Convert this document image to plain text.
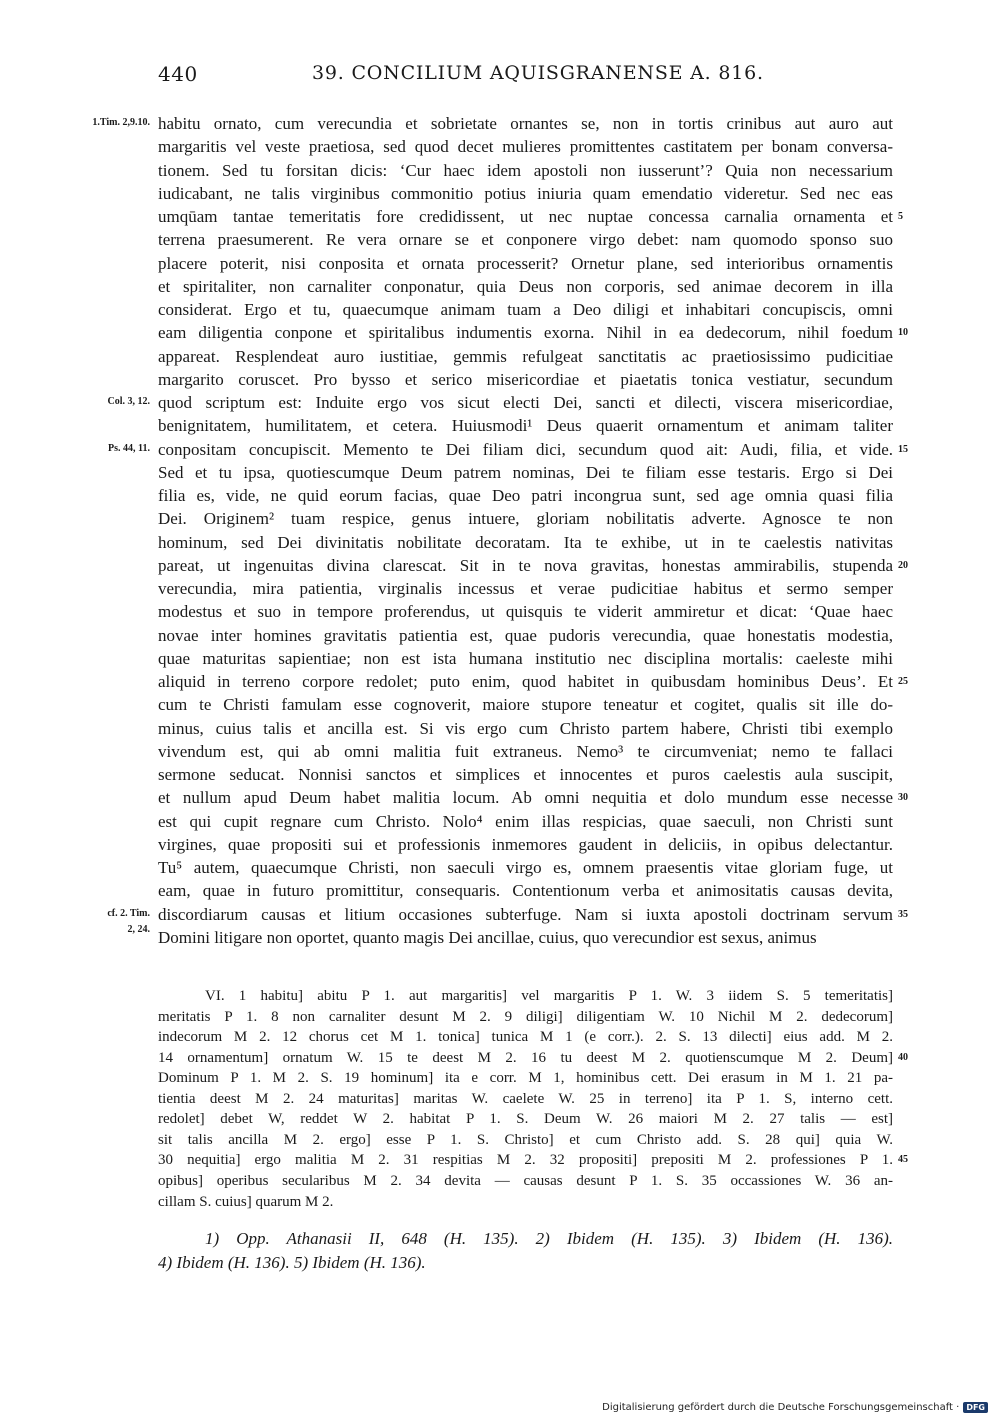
440	39. CONCILIUM AQUISGRANENSE A. 816.
habitu ornato, cum verecundia et sobrietate ornantes se, non in tortis crinibus aut auro aut
margaritis vel veste praetiosa, sed quod decet mulieres promittentes castitatem per bonam conversa-
tionem. Sed tu forsitan dicis: ‘Cur haec idem apostoli non iusserunt’? Quia non necessarium
iudicabant, ne talis virginibus commonitio potius iniuria quam emendatio videretur. Sed nec eas
umqūam tantae temeritatis fore credidissent, ut nec nuptae concessa carnalia ornamenta et
terrena praesumerent. Re vera ornare se et conponere virgo debet: nam quomodo sponso suo
placere poterit, nisi conposita et ornata processerit? Ornetur plane, sed interioribus ornamentis
et spiritaliter, non carnaliter conponatur, quia Deus non corporis, sed animae decorem in illa
considerat. Ergo et tu, quaecumque animam tuam a Deo diligi et inhabitari concupiscis, omni
eam diligentia conpone et spiritalibus indumentis exorna. Nihil in ea dedecorum, nihil foedum
appareat. Resplendeat auro iustitiae, gemmis refulgeat sanctitatis ac praetiosissimo pudicitiae
margarito coruscet. Pro bysso et serico misericordiae et piaetatis tonica vestiatur, secundum
quod scriptum est: Induite ergo vos sicut electi Dei, sancti et dilecti, viscera misericordiae,
benignitatem, humilitatem, et cetera. Huiusmodi¹ Deus quaerit ornamentum et animam taliter
conpositam concupiscit. Memento te Dei filiam dici, secundum quod ait: Audi, filia, et vide.
Sed et tu ipsa, quotiescumque Deum patrem nominas, Dei te filiam esse testaris. Ergo si Dei
filia es, vide, ne quid eorum facias, quae Deo patri incongrua sunt, sed age omnia quasi filia
Dei. Originem² tuam respice, genus intuere, gloriam nobilitatis adverte. Agnosce te non
hominum, sed Dei divinitatis nobilitate decoratam. Ita te exhibe, ut in te caelestis nativitas
pareat, ut ingenuitas divina clarescat. Sit in te nova gravitas, honestas ammirabilis, stupenda
verecundia, mira patientia, virginalis incessus et verae pudicitiae habitus et sermo semper
modestus et suo in tempore proferendus, ut quisquis te viderit ammiretur et dicat: ‘Quae haec
novae inter homines gravitatis patientia est, quae pudoris verecundia, quae honestatis modestia,
quae maturitas sapientiae; non est ista humana institutio nec disciplina mortalis: caeleste mihi
aliquid in terreno corpore redolet; puto enim, quod habitet in quibusdam hominibus Deus’. Et
cum te Christi famulam esse cognoverit, maiore stupore teneatur et cogitet, qualis sit ille do-
minus, cuius talis et ancilla est. Si vis ergo cum Christo partem habere, Christi tibi exemplo
vivendum est, qui ab omni malitia fuit extraneus. Nemo³ te circumveniat; nemo te fallaci
sermone seducat. Nonnisi sanctos et simplices et innocentes et puros caelestis aula suscipit,
et nullum apud Deum habet malitia locum. Ab omni nequitia et dolo mundum esse necesse
est qui cupit regnare cum Christo. Nolo⁴ enim illas respicias, quae saeculi, non Christi sunt
virgines, quae propositi sui et professionis inmemores gaudent in deliciis, in opibus delectantur.
Tu⁵ autem, quaecumque Christi, non saeculi virgo es, omnem praesentis vitae gloriam fuge, ut
eam, quae in futuro promittitur, consequaris. Contentionum verba et animositatis causas devita,
discordiarum causas et litium occasiones subterfuge. Nam si iuxta apostoli doctrinam servum
Domini litigare non oportet, quanto magis Dei ancillae, cuius, quo verecundior est sexus, animus
1.Tim. 2,9.10.
Col. 3, 12.
Ps. 44, 11.
cf. 2. Tim.
2, 24.
5
10
15
20
25
30
35
40
45
VI. 1 habitu] abitu P 1. aut margaritis] vel margaritis P 1. W. 3 iidem S. 5 temeritatis]
meritatis P 1. 8 non carnaliter desunt M 2. 9 diligi] diligentiam W. 10 Nichil M 2. dedecorum]
indecorum M 2. 12 chorus cet M 1. tonica] tunica M 1 (e corr.). 2. S. 13 dilecti] eius add. M 2.
14 ornamentum] ornatum W. 15 te deest M 2. 16 tu deest M 2. quotienscumque M 2. Deum]
Dominum P 1. M 2. S. 19 hominum] ita e corr. M 1, hominibus cett. Dei erasum in M 1. 21 pa-
tientia deest M 2. 24 maturitas] maritas W. caelete W. 25 in terreno] ita P 1. S, interno cett.
redolet] debet W, reddet W 2. habitat P 1. S. Deum W. 26 maiori M 2. 27 talis — est]
sit talis ancilla M 2. ergo] esse P 1. S. Christo] et cum Christo add. S. 28 qui] quia W.
30 nequitia] ergo malitia M 2. 31 respitias M 2. 32 propositi] prepositi M 2. professiones P 1.
opibus] operibus secularibus M 2. 34 devita — causas desunt P 1. S. 35 occassiones W. 36 an-
cillam S. cuius] quarum M 2.
1) Opp. Athanasii II, 648 (H. 135). 2) Ibidem (H. 135). 3) Ibidem (H. 136).
4) Ibidem (H. 136). 5) Ibidem (H. 136).
Digitalisierung gefördert durch die Deutsche Forschungsgemeinschaft · DFG
